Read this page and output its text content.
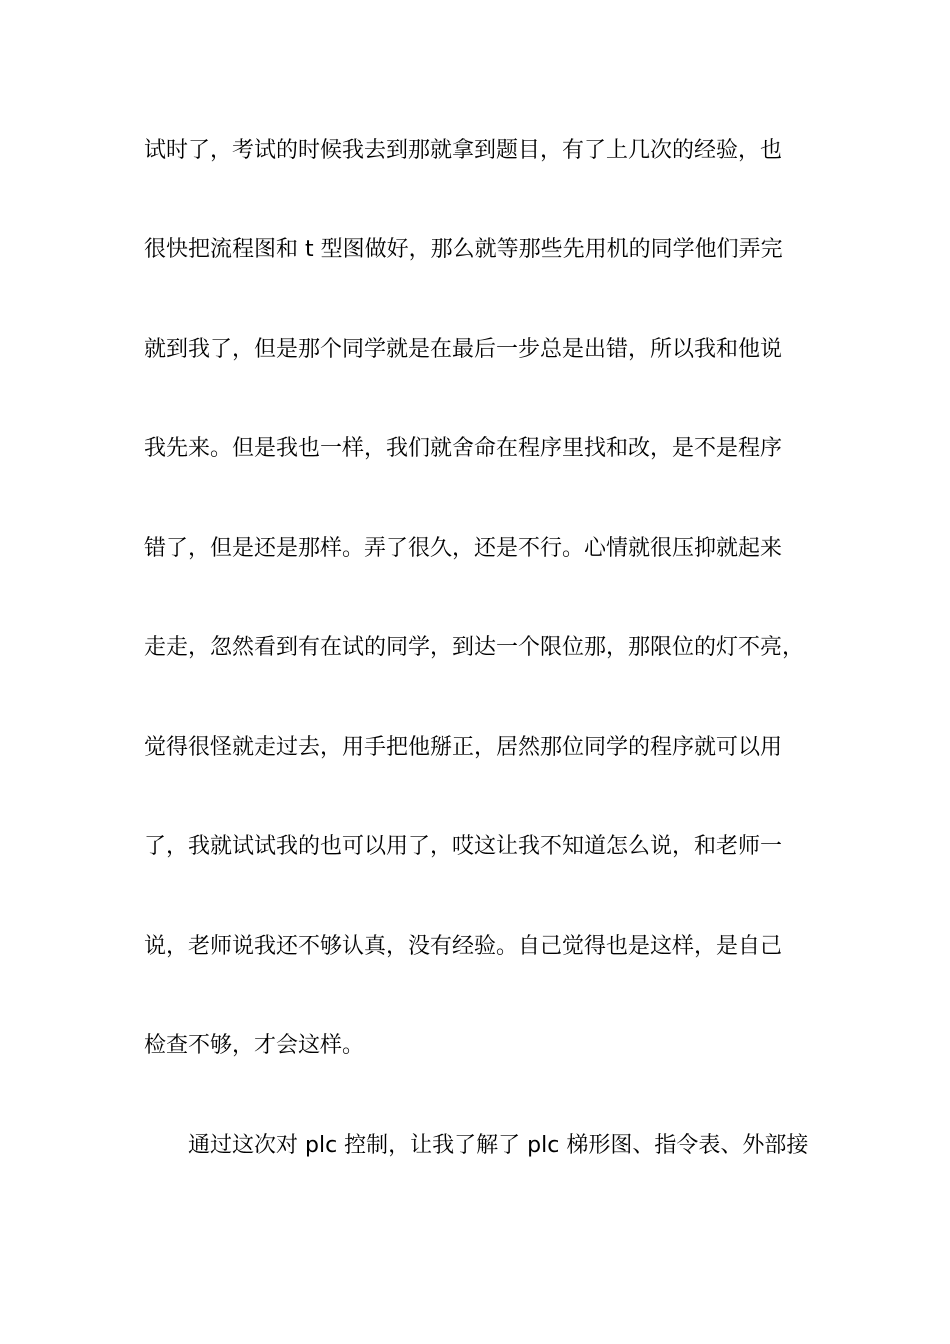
试时了，考试的时候我去到那就拿到题目，有了上几次的经验，也
很快把流程图和 t 型图做好，那么就等那些先用机的同学他们弄完
就到我了，但是那个同学就是在最后一步总是出错，所以我和他说
我先来。但是我也一样，我们就舍命在程序里找和改，是不是程序
错了，但是还是那样。弄了很久，还是不行。心情就很压抑就起来
走走，忽然看到有在试的同学，到达一个限位那，那限位的灯不亮，
觉得很怪就走过去，用手把他掰正，居然那位同学的程序就可以用
了，我就试试我的也可以用了，哎这让我不知道怎么说，和老师一
说，老师说我还不够认真，没有经验。自己觉得也是这样，是自己
检查不够，才会这样。
通过这次对 plc 控制，让我了解了 plc 梯形图、指令表、外部接
